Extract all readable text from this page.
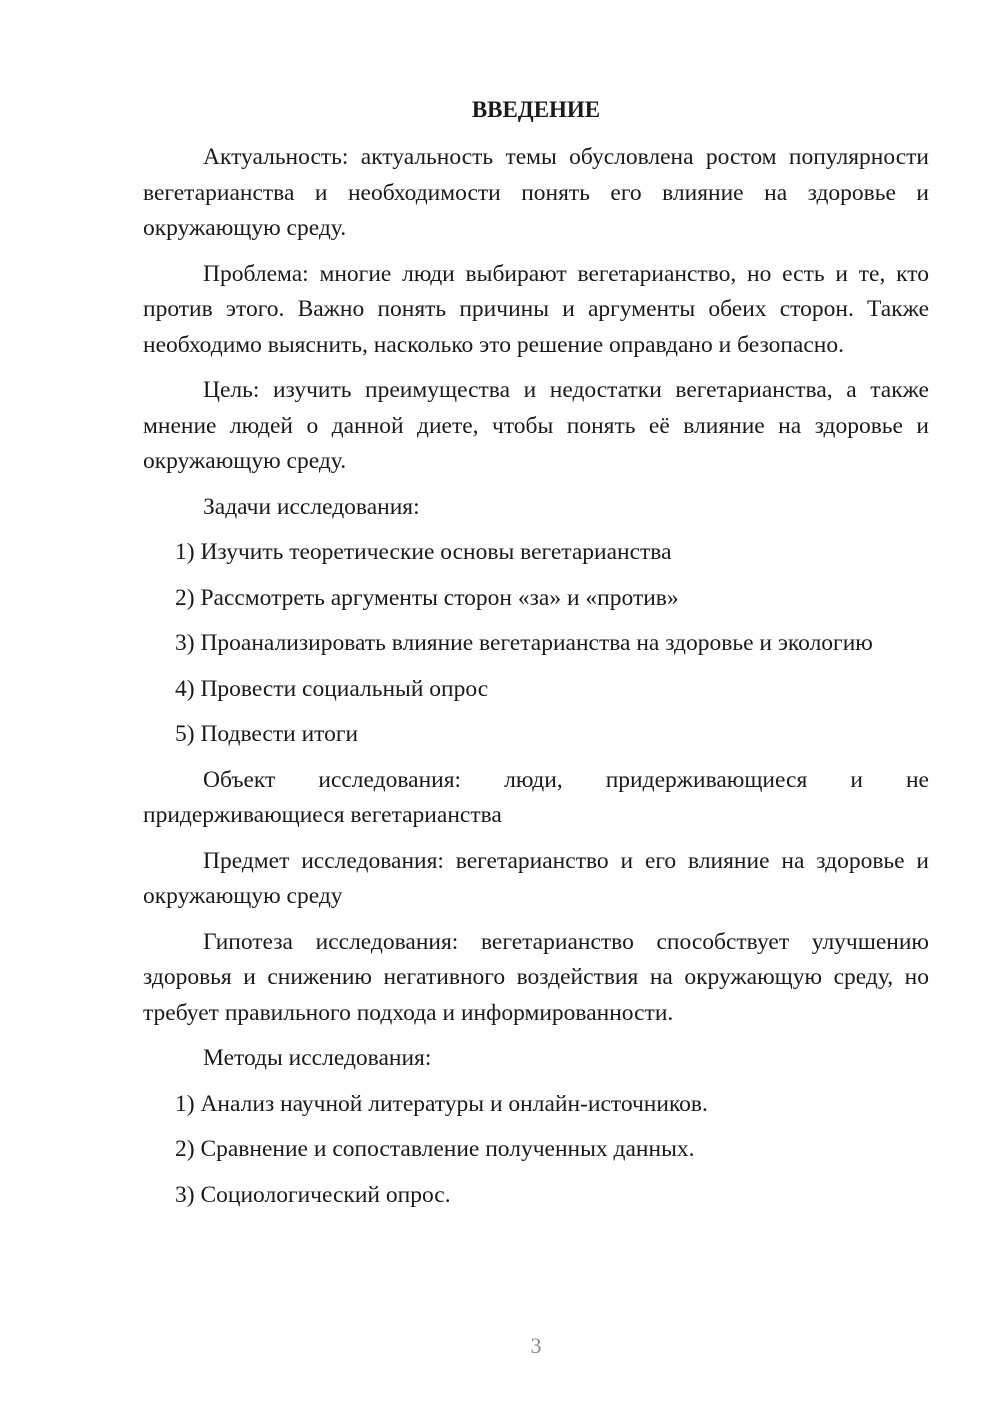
ВВЕДЕНИЕ

Актуальность: актуальность темы обусловлена ростом популярности вегетарианства и необходимости понять его влияние на здоровье и окружающую среду.

Проблема: многие люди выбирают вегетарианство, но есть и те, кто против этого. Важно понять причины и аргументы обеих сторон. Также необходимо выяснить, насколько это решение оправдано и безопасно.

Цель: изучить преимущества и недостатки вегетарианства, а также мнение людей о данной диете, чтобы понять её влияние на здоровье и окружающую среду.

Задачи исследования:

1) Изучить теоретические основы вегетарианства
2) Рассмотреть аргументы сторон «за» и «против»
3) Проанализировать влияние вегетарианства на здоровье и экологию
4) Провести социальный опрос
5) Подвести итоги

Объект исследования: люди, придерживающиеся и не придерживающиеся вегетарианства

Предмет исследования: вегетарианство и его влияние на здоровье и окружающую среду

Гипотеза исследования: вегетарианство способствует улучшению здоровья и снижению негативного воздействия на окружающую среду, но требует правильного подхода и информированности.

Методы исследования:

1) Анализ научной литературы и онлайн-источников.
2) Сравнение и сопоставление полученных данных.
3) Социологический опрос.
3
